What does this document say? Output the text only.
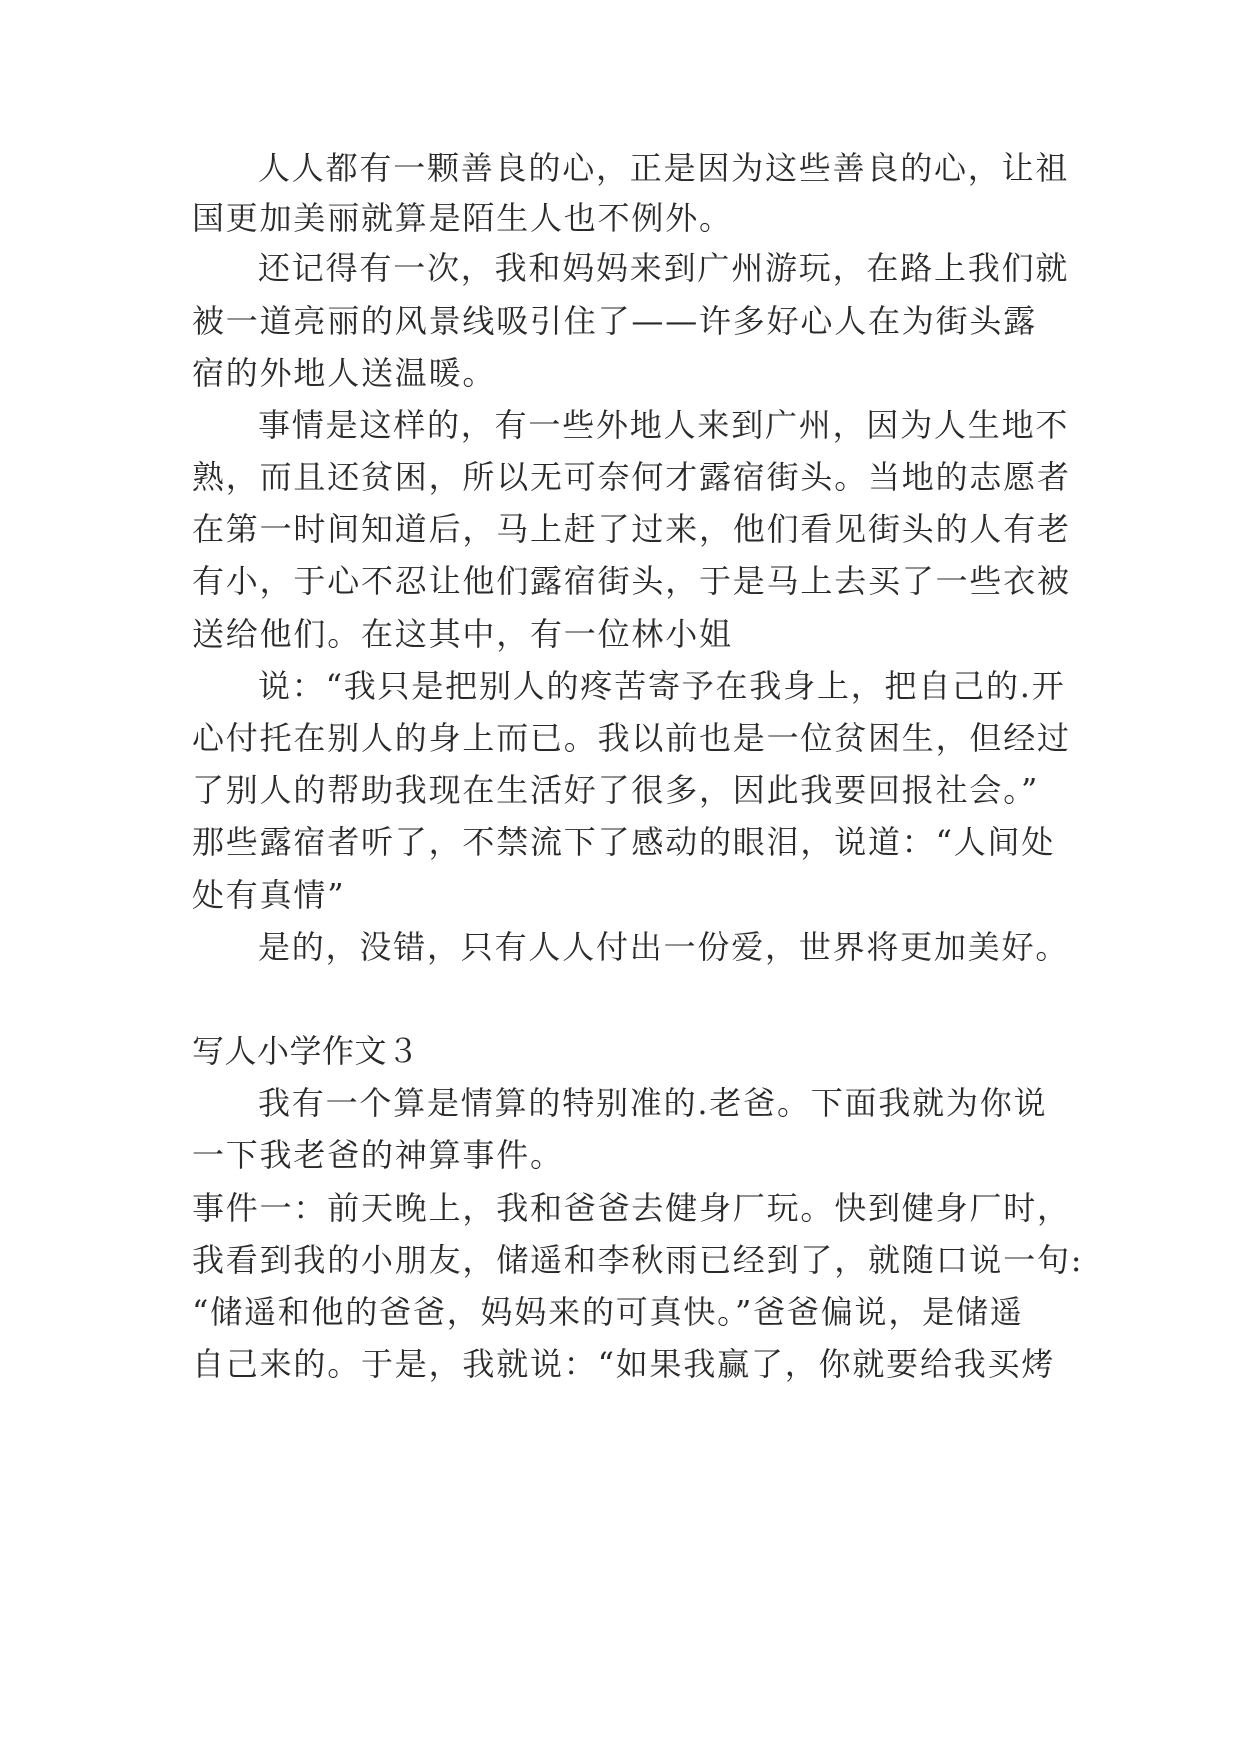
人人都有一颗善良的心，正是因为这些善良的心，让祖

国更加美丽就算是陌生人也不例外。

还记得有一次，我和妈妈来到广州游玩，在路上我们就

被一道亮丽的风景线吸引住了——许多好心人在为街头露

宿的外地人送温暖。

事情是这样的，有一些外地人来到广州，因为人生地不

熟，而且还贫困，所以无可奈何才露宿街头。当地的志愿者

在第一时间知道后，马上赶了过来，他们看见街头的人有老

有小，于心不忍让他们露宿街头，于是马上去买了一些衣被

送给他们。在这其中，有一位林小姐

说：“我只是把别人的疼苦寄予在我身上，把自己的.开

心付托在别人的身上而已。我以前也是一位贫困生，但经过

了别人的帮助我现在生活好了很多，因此我要回报社会。”

那些露宿者听了，不禁流下了感动的眼泪，说道：“人间处

处有真情”

是的，没错，只有人人付出一份爱，世界将更加美好。

写人小学作文３

我有一个算是情算的特别准的.老爸。下面我就为你说

一下我老爸的神算事件。

事件一：前天晚上，我和爸爸去健身厂玩。快到健身厂时，

我看到我的小朋友，储遥和李秋雨已经到了，就随口说一句:

“储遥和他的爸爸，妈妈来的可真快。”爸爸偏说，是储遥

自己来的。于是，我就说：“如果我赢了，你就要给我买烤
